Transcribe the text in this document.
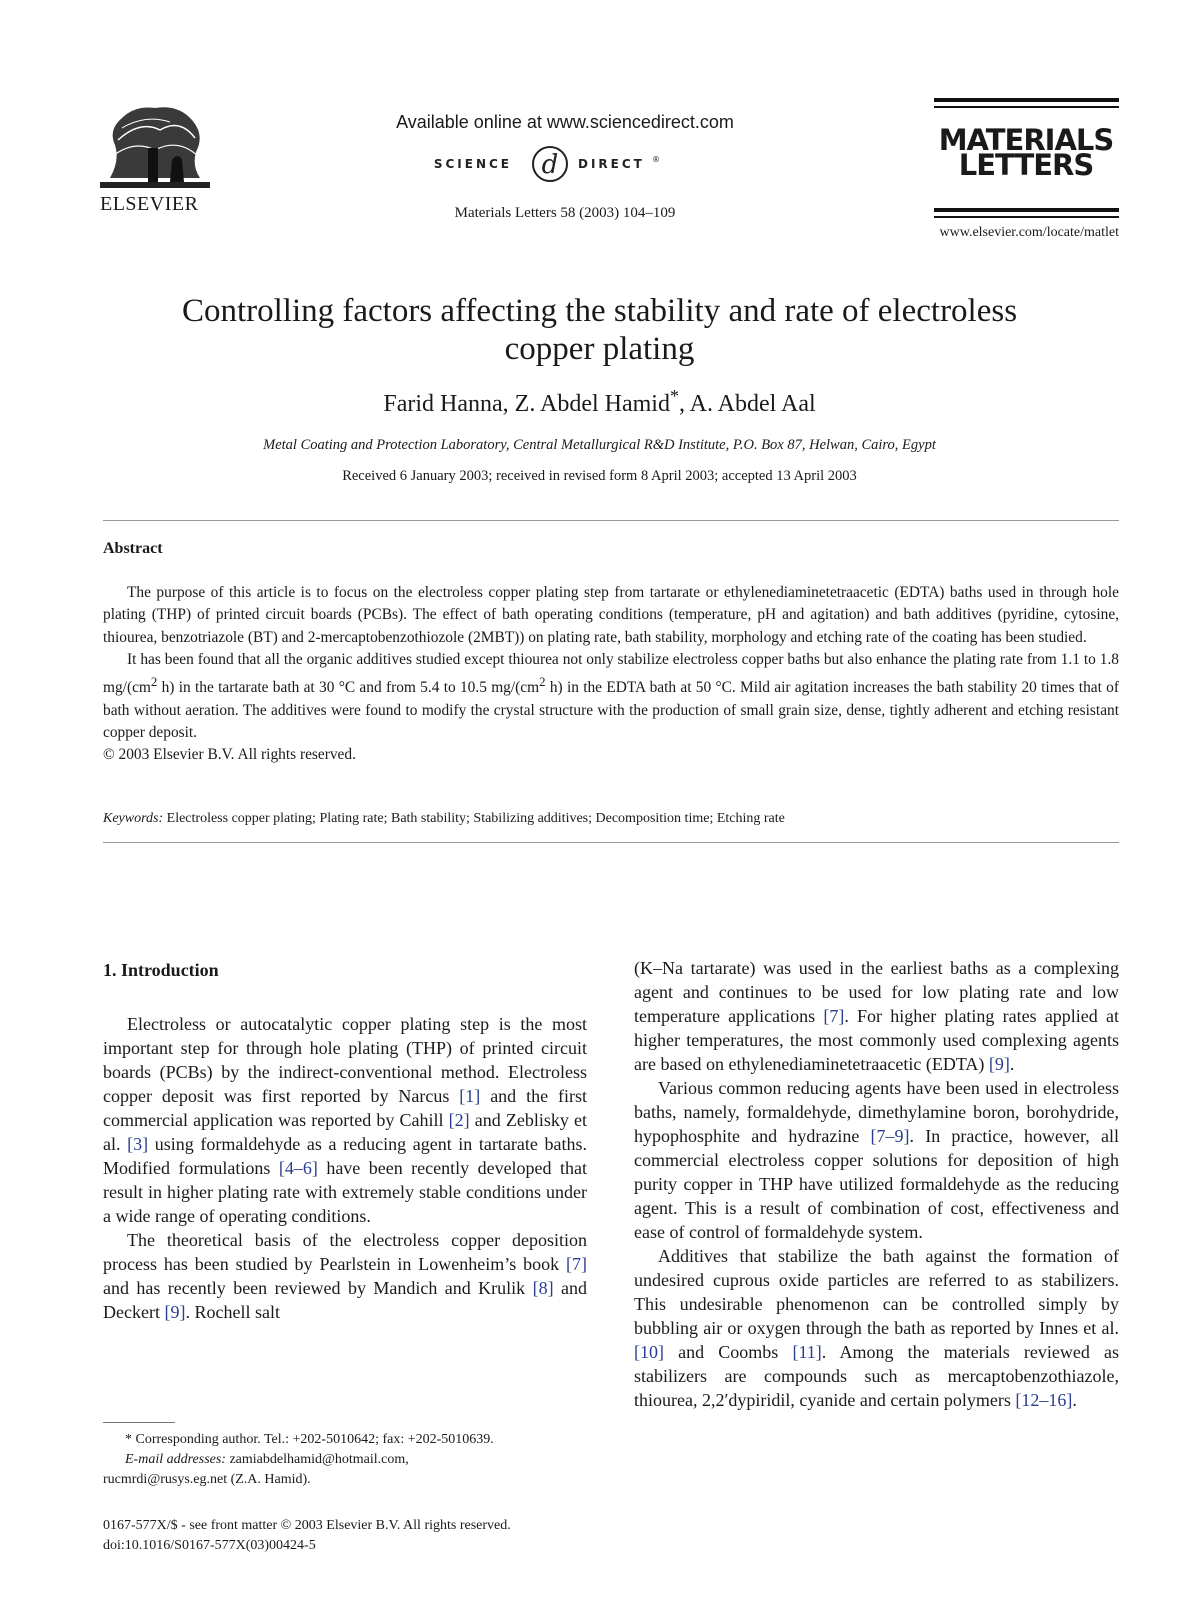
ELSEVIER
Available online at www.sciencedirect.com
SCIENCE d DIRECT ®
Materials Letters 58 (2003) 104–109
MATERIALS
LETTERS
www.elsevier.com/locate/matlet
Controlling factors affecting the stability and rate of electroless
copper plating
Farid Hanna, Z. Abdel Hamid*, A. Abdel Aal
Metal Coating and Protection Laboratory, Central Metallurgical R&D Institute, P.O. Box 87, Helwan, Cairo, Egypt
Received 6 January 2003; received in revised form 8 April 2003; accepted 13 April 2003
Abstract

The purpose of this article is to focus on the electroless copper plating step from tartarate or ethylenediaminetetraacetic (EDTA) baths used in through hole plating (THP) of printed circuit boards (PCBs). The effect of bath operating conditions (temperature, pH and agitation) and bath additives (pyridine, cytosine, thiourea, benzotriazole (BT) and 2-mercaptobenzothiozole (2MBT)) on plating rate, bath stability, morphology and etching rate of the coating has been studied.

It has been found that all the organic additives studied except thiourea not only stabilize electroless copper baths but also enhance the plating rate from 1.1 to 1.8 $mg/(cm^2$ h) in the tartarate bath at 30 °C and from 5.4 to 10.5 $mg/(cm^2$ h) in the EDTA bath at 50 °C. Mild air agitation increases the bath stability 20 times that of bath without aeration. The additives were found to modify the crystal structure with the production of small grain size, dense, tightly adherent and etching resistant copper deposit.

© 2003 Elsevier B.V. All rights reserved.

Keywords: Electroless copper plating; Plating rate; Bath stability; Stabilizing additives; Decomposition time; Etching rate
1. Introduction

Electroless or autocatalytic copper plating step is the most important step for through hole plating (THP) of printed circuit boards (PCBs) by the indirect-conventional method. Electroless copper deposit was first reported by Narcus [1] and the first commercial application was reported by Cahill [2] and Zeblisky et al. [3] using formaldehyde as a reducing agent in tartarate baths. Modified formulations [4–6] have been recently developed that result in higher plating rate with extremely stable conditions under a wide range of operating conditions.

The theoretical basis of the electroless copper deposition process has been studied by Pearlstein in Lowenheim’s book [7] and has recently been reviewed by Mandich and Krulik [8] and Deckert [9]. Rochell salt

(K–Na tartarate) was used in the earliest baths as a complexing agent and continues to be used for low plating rate and low temperature applications [7]. For higher plating rates applied at higher temperatures, the most commonly used complexing agents are based on ethylenediaminetetraacetic (EDTA) [9].

Various common reducing agents have been used in electroless baths, namely, formaldehyde, dimethylamine boron, borohydride, hypophosphite and hydrazine [7–9]. In practice, however, all commercial electroless copper solutions for deposition of high purity copper in THP have utilized formaldehyde as the reducing agent. This is a result of combination of cost, effectiveness and ease of control of formaldehyde system.

Additives that stabilize the bath against the formation of undesired cuprous oxide particles are referred to as stabilizers. This undesirable phenomenon can be controlled simply by bubbling air or oxygen through the bath as reported by Innes et al. [10] and Coombs [11]. Among the materials reviewed as stabilizers are compounds such as mercaptobenzothiazole, thiourea, 2,2′dypiridil, cyanide and certain polymers [12–16].

* Corresponding author. Tel.: +202-5010642; fax: +202-5010639.

E-mail addresses: zamiabdelhamid@hotmail.com,

rucmrdi@rusys.eg.net (Z.A. Hamid).

0167-577X/$ - see front matter © 2003 Elsevier B.V. All rights reserved.

doi:10.1016/S0167-577X(03)00424-5
